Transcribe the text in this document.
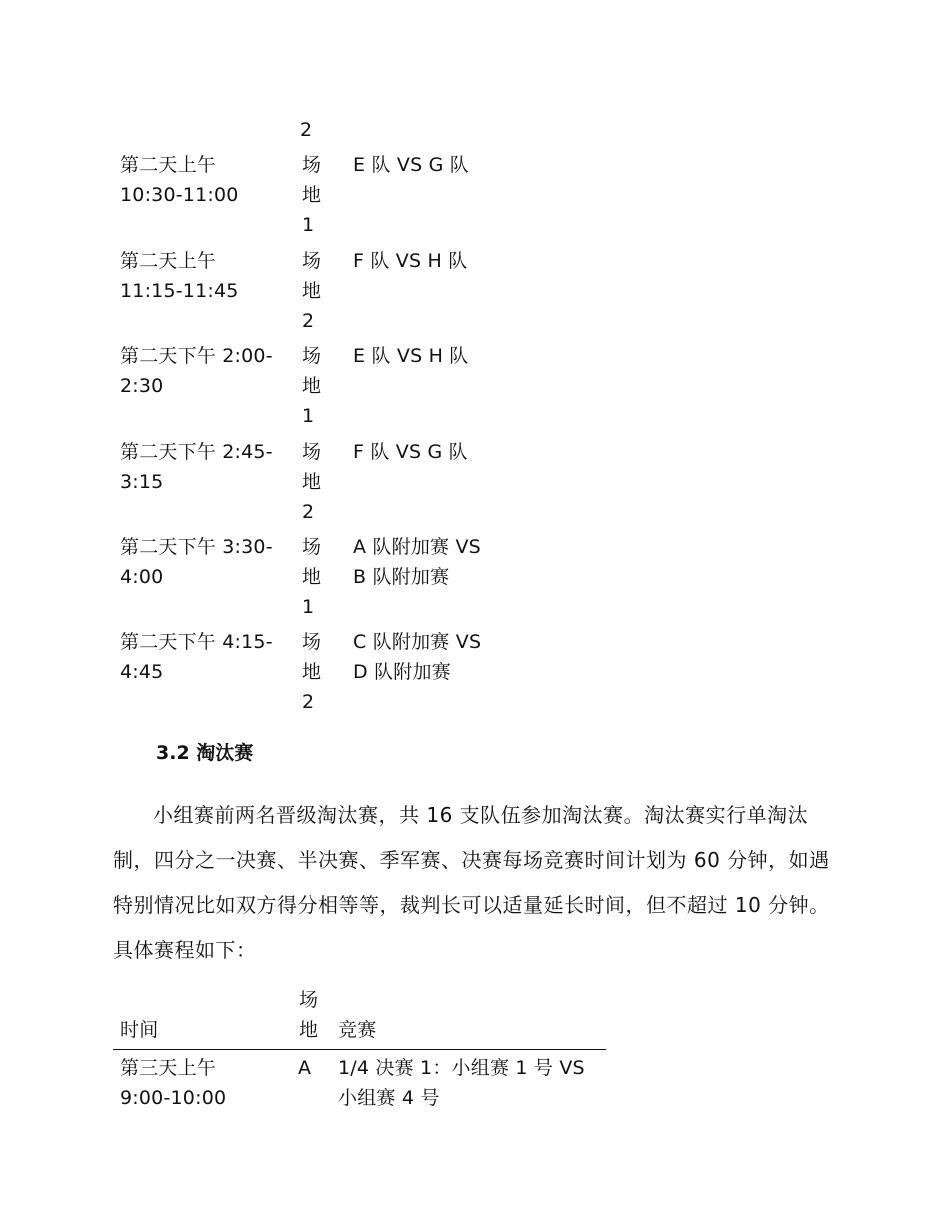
2
第二天上午
10:30-11:00
场
地
1
E 队 VS G 队
第二天上午
11:15-11:45
场
地
2
F 队 VS H 队
第二天下午 2:00-
2:30
场
地
1
E 队 VS H 队
第二天下午 2:45-
3:15
场
地
2
F 队 VS G 队
第二天下午 3:30-
4:00
场
地
1
A 队附加赛 VS
B 队附加赛
第二天下午 4:15-
4:45
场
地
2
C 队附加赛 VS
D 队附加赛
3.2 淘汰赛
小组赛前两名晋级淘汰赛，共 16 支队伍参加淘汰赛。淘汰赛实行单淘汰制，四分之一决赛、半决赛、季军赛、决赛每场竞赛时间计划为 60 分钟，如遇特别情况比如双方得分相等等，裁判长可以适量延长时间，但不超过 10 分钟。具体赛程如下：
时间
场
地 竞赛
第三天上午
9:00-10:00
A 1/4 决赛 1：小组赛 1 号 VS
小组赛 4 号
